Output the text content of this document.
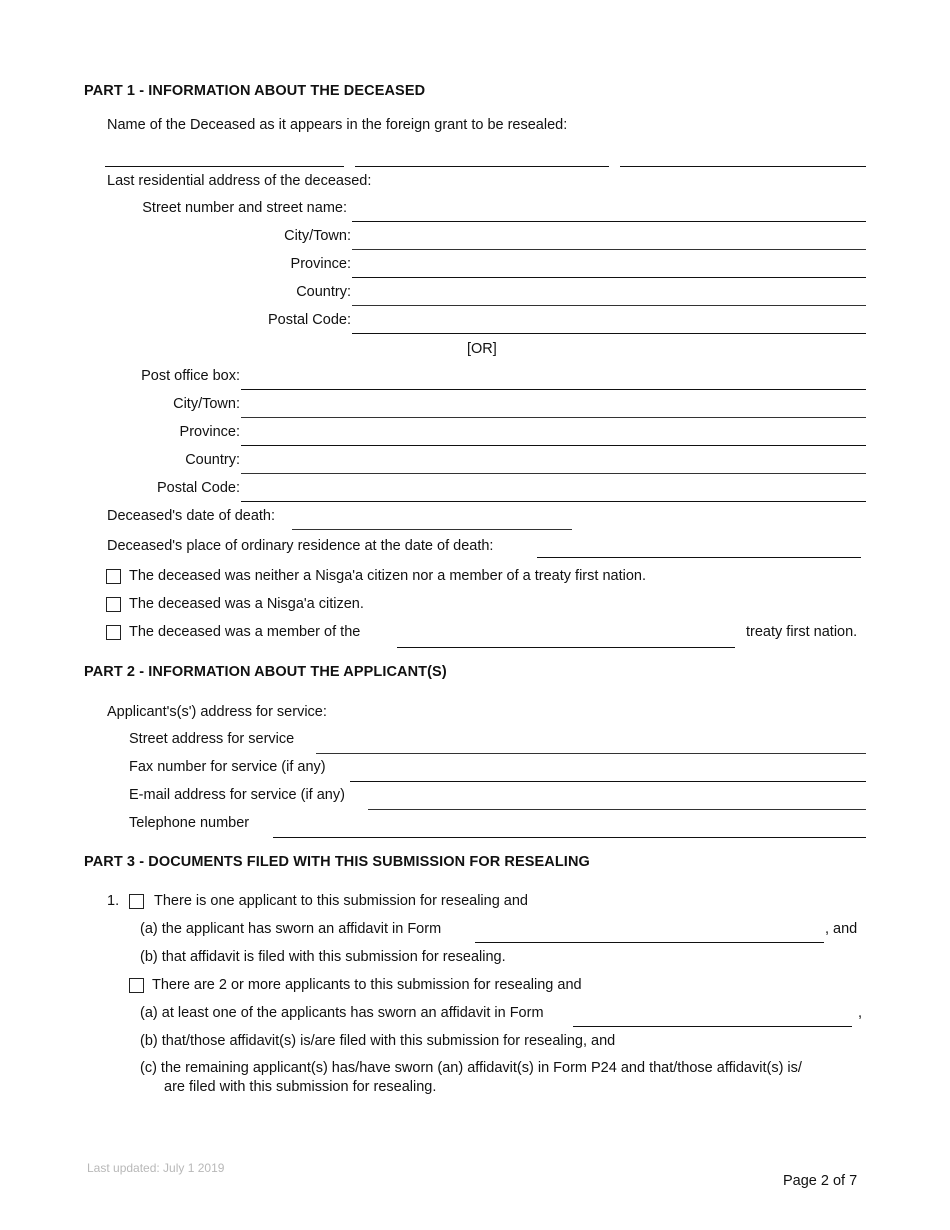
PART 1 - INFORMATION ABOUT THE DECEASED
Name of the Deceased as it appears in the foreign grant to be resealed:
Last residential address of the deceased:
Street number and street name:
City/Town:
Province:
Country:
Postal Code:
[OR]
Post office box:
City/Town:
Province:
Country:
Postal Code:
Deceased's date of death:
Deceased's place of ordinary residence at the date of death:
The deceased was neither a Nisga'a citizen nor a member of a treaty first nation.
The deceased was a Nisga'a citizen.
The deceased was a member of the	treaty first nation.
PART 2 - INFORMATION ABOUT THE APPLICANT(S)
Applicant's(s') address for service:
Street address for service
Fax number for service (if any)
E-mail address for service (if any)
Telephone number
PART 3 - DOCUMENTS FILED WITH THIS SUBMISSION FOR RESEALING
1. There is one applicant to this submission for resealing and
(a) the applicant has sworn an affidavit in Form	, and
(b) that affidavit is filed with this submission for resealing.
There are 2 or more applicants to this submission for resealing and
(a) at least one of the applicants has sworn an affidavit in Form	,
(b) that/those affidavit(s) is/are filed with this submission for resealing, and
(c) the remaining applicant(s) has/have sworn (an) affidavit(s) in Form P24 and that/those affidavit(s) is/
are filed with this submission for resealing.
Last updated: July 1 2019
Page 2 of 7
